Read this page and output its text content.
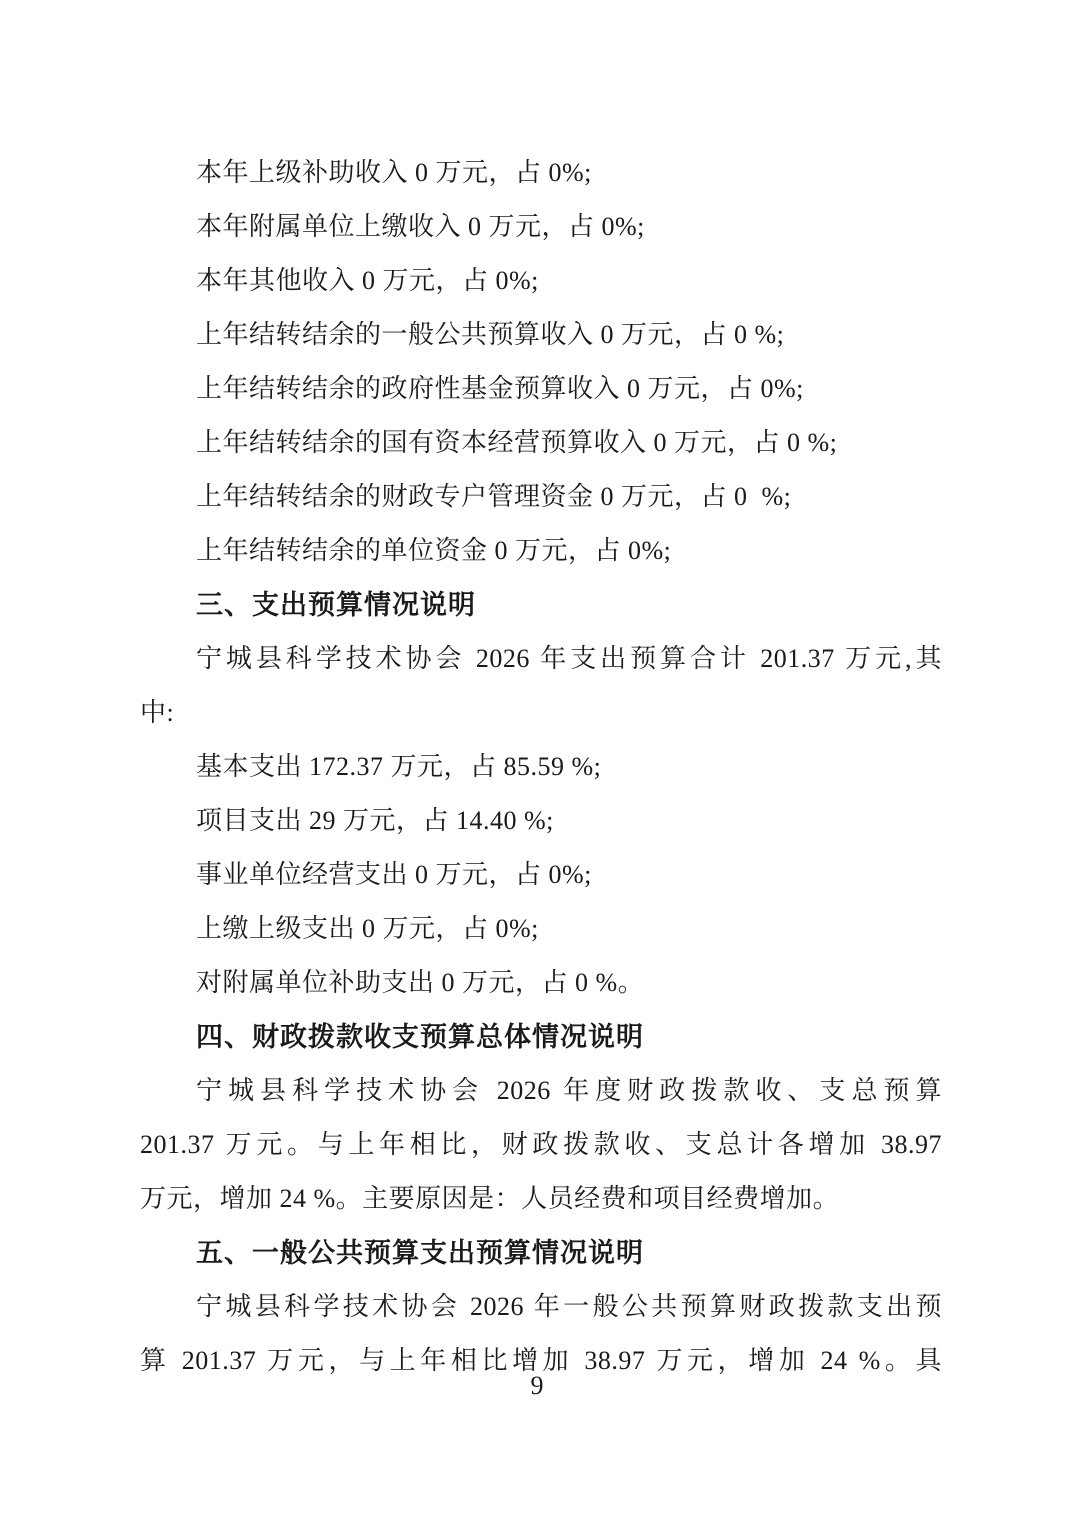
本年上级补助收入 0 万元，占 0%;
本年附属单位上缴收入 0 万元，占 0%;
本年其他收入 0 万元，占 0%;
上年结转结余的一般公共预算收入 0 万元，占 0 %;
上年结转结余的政府性基金预算收入 0 万元，占 0%;
上年结转结余的国有资本经营预算收入 0 万元，占 0 %;
上年结转结余的财政专户管理资金 0 万元，占 0  %;
上年结转结余的单位资金 0 万元，占 0%;
三、支出预算情况说明
宁城县科学技术协会 2026 年支出预算合计 201.37 万元,其
中:
基本支出 172.37 万元，占 85.59 %;
项目支出 29 万元，占 14.40 %;
事业单位经营支出 0 万元，占 0%;
上缴上级支出 0 万元，占 0%;
对附属单位补助支出 0 万元，占 0 %。
四、财政拨款收支预算总体情况说明
宁城县科学技术协会 2026 年度财政拨款收、支总预算
201.37 万元。与上年相比，财政拨款收、支总计各增加 38.97
万元，增加 24 %。主要原因是：人员经费和项目经费增加。
五、一般公共预算支出预算情况说明
宁城县科学技术协会 2026 年一般公共预算财政拨款支出预
算 201.37 万元，与上年相比增加 38.97 万元，增加 24 %。具
9
